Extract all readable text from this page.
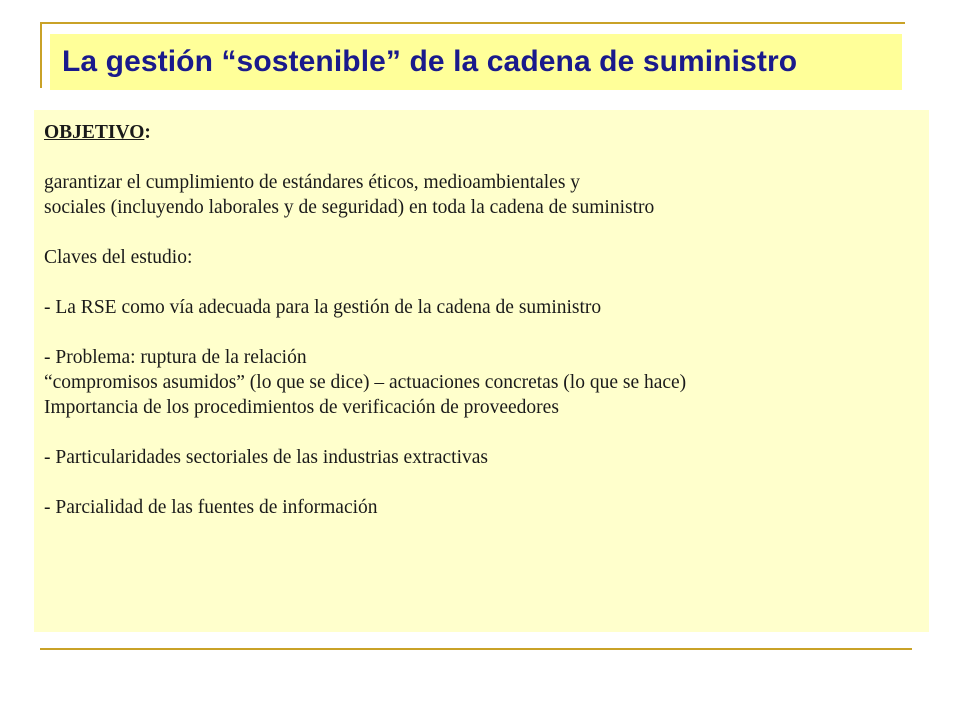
La gestión “sostenible” de la cadena de suministro

OBJETIVO:

garantizar el cumplimiento de estándares éticos, medioambientales y

sociales (incluyendo laborales y de seguridad) en toda la cadena de suministro

Claves del estudio:

- La RSE como vía adecuada para la gestión de la cadena de suministro

- Problema: ruptura de la relación

“compromisos asumidos” (lo que se dice) – actuaciones concretas (lo que se hace)

Importancia de los procedimientos de verificación de proveedores

- Particularidades sectoriales de las industrias extractivas

- Parcialidad de las fuentes de información
